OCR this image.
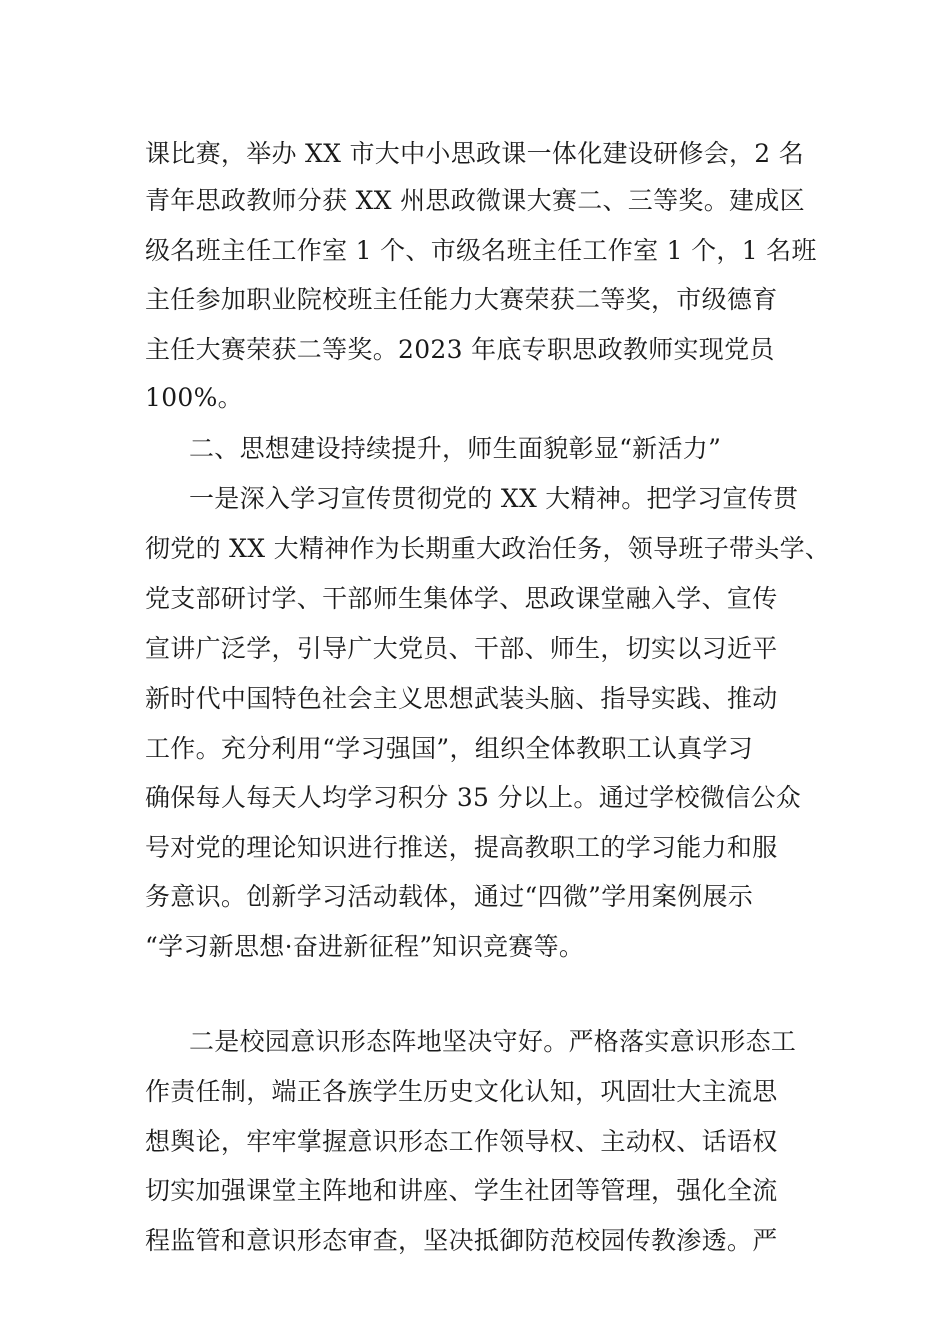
课比赛，举办 XX 市大中小思政课一体化建设研修会，2 名
青年思政教师分获 XX 州思政微课大赛二、三等奖。建成区
级名班主任工作室 1 个、市级名班主任工作室 1 个，1 名班
主任参加职业院校班主任能力大赛荣获二等奖，市级德育
主任大赛荣获二等奖。2023 年底专职思政教师实现党员
100%。
二、思想建设持续提升，师生面貌彰显“新活力”
一是深入学习宣传贯彻党的 XX 大精神。把学习宣传贯
彻党的 XX 大精神作为长期重大政治任务，领导班子带头学、
党支部研讨学、干部师生集体学、思政课堂融入学、宣传
宣讲广泛学，引导广大党员、干部、师生，切实以习近平
新时代中国特色社会主义思想武装头脑、指导实践、推动
工作。充分利用“学习强国”，组织全体教职工认真学习
确保每人每天人均学习积分 35 分以上。通过学校微信公众
号对党的理论知识进行推送，提高教职工的学习能力和服
务意识。创新学习活动载体，通过“四微”学用案例展示
“学习新思想·奋进新征程”知识竞赛等。
二是校园意识形态阵地坚决守好。严格落实意识形态工
作责任制，端正各族学生历史文化认知，巩固壮大主流思
想舆论，牢牢掌握意识形态工作领导权、主动权、话语权
切实加强课堂主阵地和讲座、学生社团等管理，强化全流
程监管和意识形态审查，坚决抵御防范校园传教渗透。严
